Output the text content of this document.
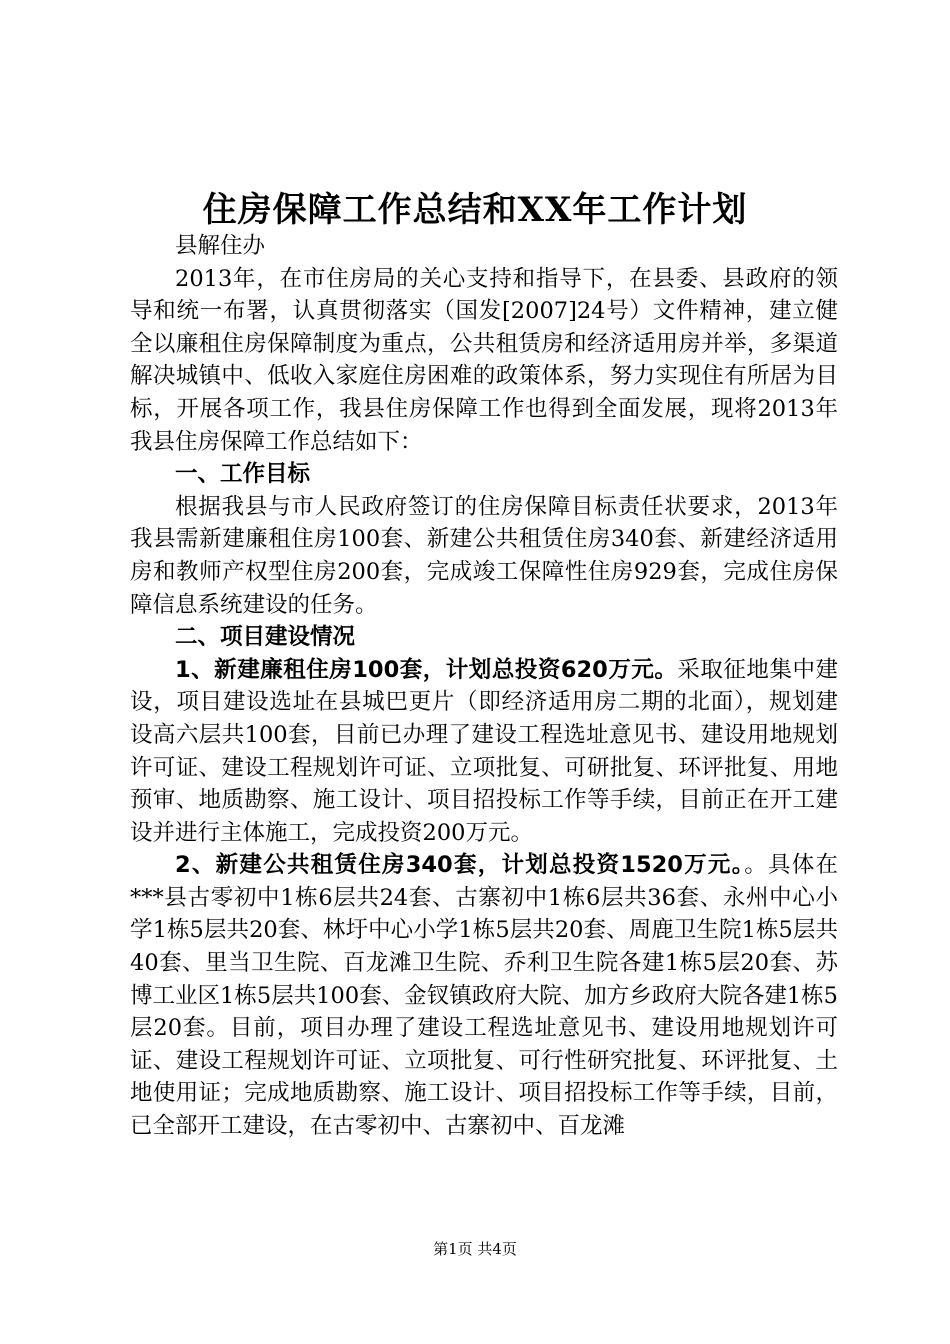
住房保障工作总结和XX年工作计划

县解住办

2013年，在市住房局的关心支持和指导下，在县委、县政府的领导和统一布署，认真贯彻落实（国发[2007]24号）文件精神，建立健全以廉租住房保障制度为重点，公共租赁房和经济适用房并举，多渠道解决城镇中、低收入家庭住房困难的政策体系，努力实现住有所居为目标，开展各项工作，我县住房保障工作也得到全面发展，现将2013年我县住房保障工作总结如下：

一、工作目标

根据我县与市人民政府签订的住房保障目标责任状要求，2013年我县需新建廉租住房100套、新建公共租赁住房340套、新建经济适用房和教师产权型住房200套，完成竣工保障性住房929套，完成住房保障信息系统建设的任务。

二、项目建设情况

1、新建廉租住房100套，计划总投资620万元。采取征地集中建设，项目建设选址在县城巴更片（即经济适用房二期的北面），规划建设高六层共100套，目前已办理了建设工程选址意见书、建设用地规划许可证、建设工程规划许可证、立项批复、可研批复、环评批复、用地预审、地质勘察、施工设计、项目招投标工作等手续，目前正在开工建设并进行主体施工，完成投资200万元。

2、新建公共租赁住房340套，计划总投资1520万元。。具体在***县古零初中1栋6层共24套、古寨初中1栋6层共36套、永州中心小学1栋5层共20套、林圩中心小学1栋5层共20套、周鹿卫生院1栋5层共40套、里当卫生院、百龙滩卫生院、乔利卫生院各建1栋5层20套、苏博工业区1栋5层共100套、金钗镇政府大院、加方乡政府大院各建1栋5层20套。目前，项目办理了建设工程选址意见书、建设用地规划许可证、建设工程规划许可证、立项批复、可行性研究批复、环评批复、土地使用证；完成地质勘察、施工设计、项目招投标工作等手续，目前，已全部开工建设，在古零初中、古寨初中、百龙滩

第1页 共4页
